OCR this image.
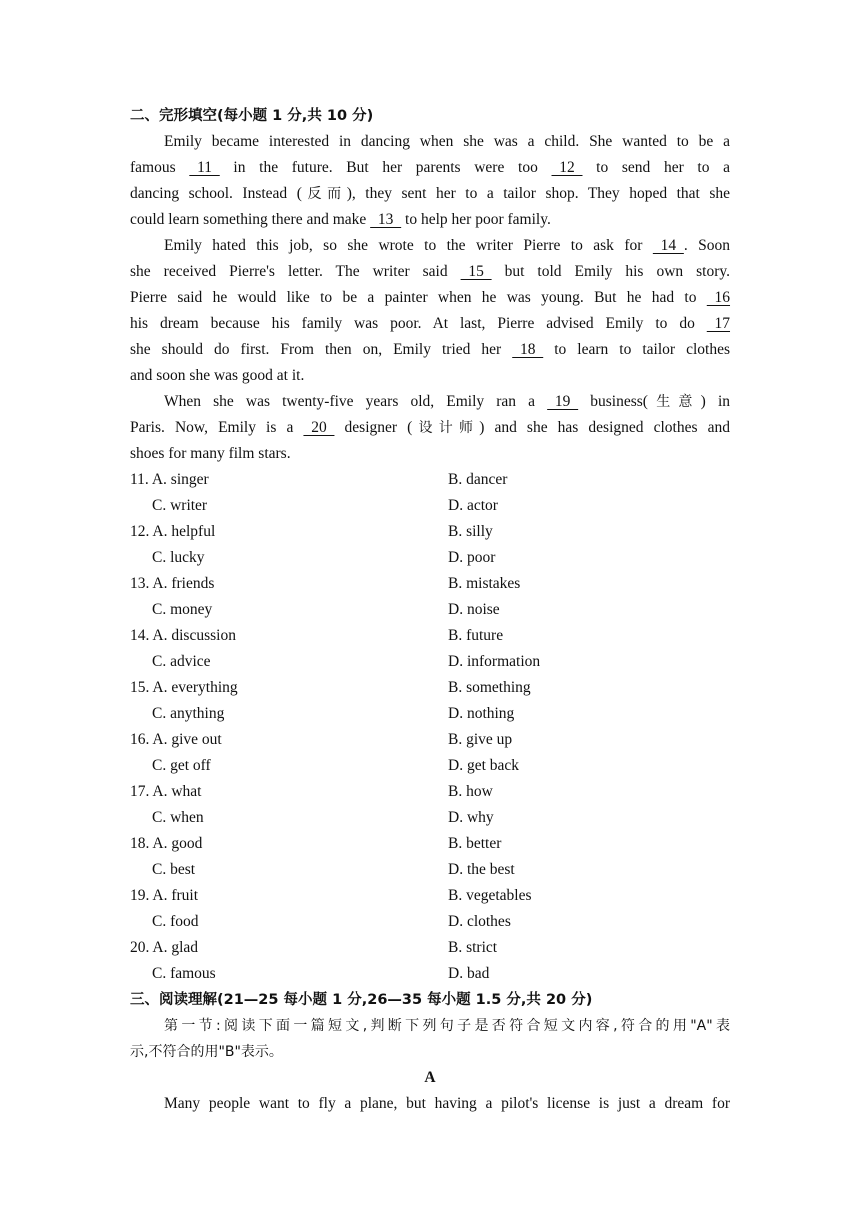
二、完形填空(每小题 1 分,共 10 分)
Emily became interested in dancing when she was a child. She wanted to be a
famous   11   in the future. But her parents were too   12   to send her to a
dancing school. Instead (反而), they sent her to a tailor shop. They hoped that she
could learn something there and make   13   to help her poor family.
Emily hated this job, so she wrote to the writer Pierre to ask for   14  . Soon
she received Pierre's letter. The writer said   15   but told Emily his own story.
Pierre said he would like to be a painter when he was young. But he had to   16
his dream because his family was poor. At last, Pierre advised Emily to do   17
she should do first. From then on, Emily tried her   18   to learn to tailor clothes
and soon she was good at it.
When she was twenty-five years old, Emily ran a   19   business(生意) in
Paris. Now, Emily is a   20   designer (设计师) and she has designed clothes and
shoes for many film stars.
11. A. singer	B. dancer
C. writer	D. actor
12. A. helpful	B. silly
C. lucky	D. poor
13. A. friends	B. mistakes
C. money	D. noise
14. A. discussion	B. future
C. advice	D. information
15. A. everything	B. something
C. anything	D. nothing
16. A. give out	B. give up
C. get off	D. get back
17. A. what	B. how
C. when	D. why
18. A. good	B. better
C. best	D. the best
19. A. fruit	B. vegetables
C. food	D. clothes
20. A. glad	B. strict
C. famous	D. bad
三、阅读理解(21—25 每小题 1 分,26—35 每小题 1.5 分,共 20 分)
第一节:阅读下面一篇短文,判断下列句子是否符合短文内容,符合的用"A"表
示,不符合的用"B"表示。
A
Many people want to fly a plane, but having a pilot's license is just a dream for
